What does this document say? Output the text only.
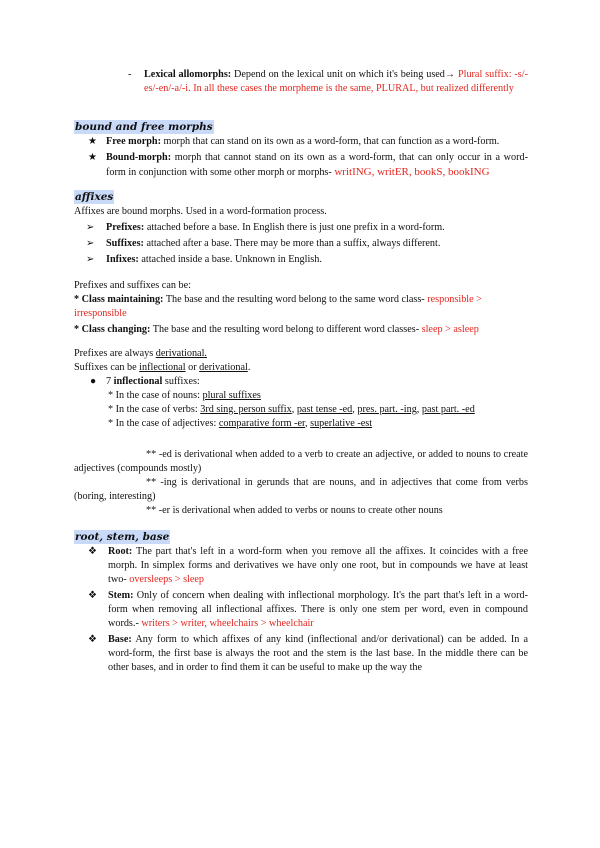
- Lexical allomorphs: Depend on the lexical unit on which it's being used→ Plural suffix: -s/-es/-en/-a/-i. In all these cases the morpheme is the same, PLURAL, but realized differently
bound and free morphs
★ Free morph: morph that can stand on its own as a word-form, that can function as a word-form.
★ Bound-morph: morph that cannot stand on its own as a word-form, that can only occur in a word-form in conjunction with some other morph or morphs- writING, writER, bookS, bookING
affixes

Affixes are bound morphs. Used in a word-formation process.

➢ Prefixes: attached before a base. In English there is just one prefix in a word-form.
➢ Suffixes: attached after a base. There may be more than a suffix, always different.
➢ Infixes: attached inside a base. Unknown in English.

Prefixes and suffixes can be:

* Class maintaining: The base and the resulting word belong to the same word class- responsible > irresponsible

* Class changing: The base and the resulting word belong to different word classes- sleep > asleep

Prefixes are always derivational.

Suffixes can be inflectional or derivational.

● 7 inflectional suffixes:

* In the case of nouns: plural suffixes

* In the case of verbs: 3rd sing. person suffix, past tense -ed, pres. part. -ing, past part. -ed

* In the case of adjectives: comparative form -er, superlative -est

** -ed is derivational when added to a verb to create an adjective, or added to nouns to create adjectives (compounds mostly)

** -ing is derivational in gerunds that are nouns, and in adjectives that come from verbs (boring, interesting)

** -er is derivational when added to verbs or nouns to create other nouns

root, stem, base
❖ Root: The part that's left in a word-form when you remove all the affixes. It coincides with a free morph. In simplex forms and derivatives we have only one root, but in compounds we have at least two- oversleeps > sleep
❖ Stem: Only of concern when dealing with inflectional morphology. It's the part that's left in a word-form when removing all inflectional affixes. There is only one stem per word, even in compound words.- writers > writer, wheelchairs > wheelchair
❖ Base: Any form to which affixes of any kind (inflectional and/or derivational) can be added. In a word-form, the first base is always the root and the stem is the last base. In the middle there can be other bases, and in order to find them it can be useful to make up the way the
